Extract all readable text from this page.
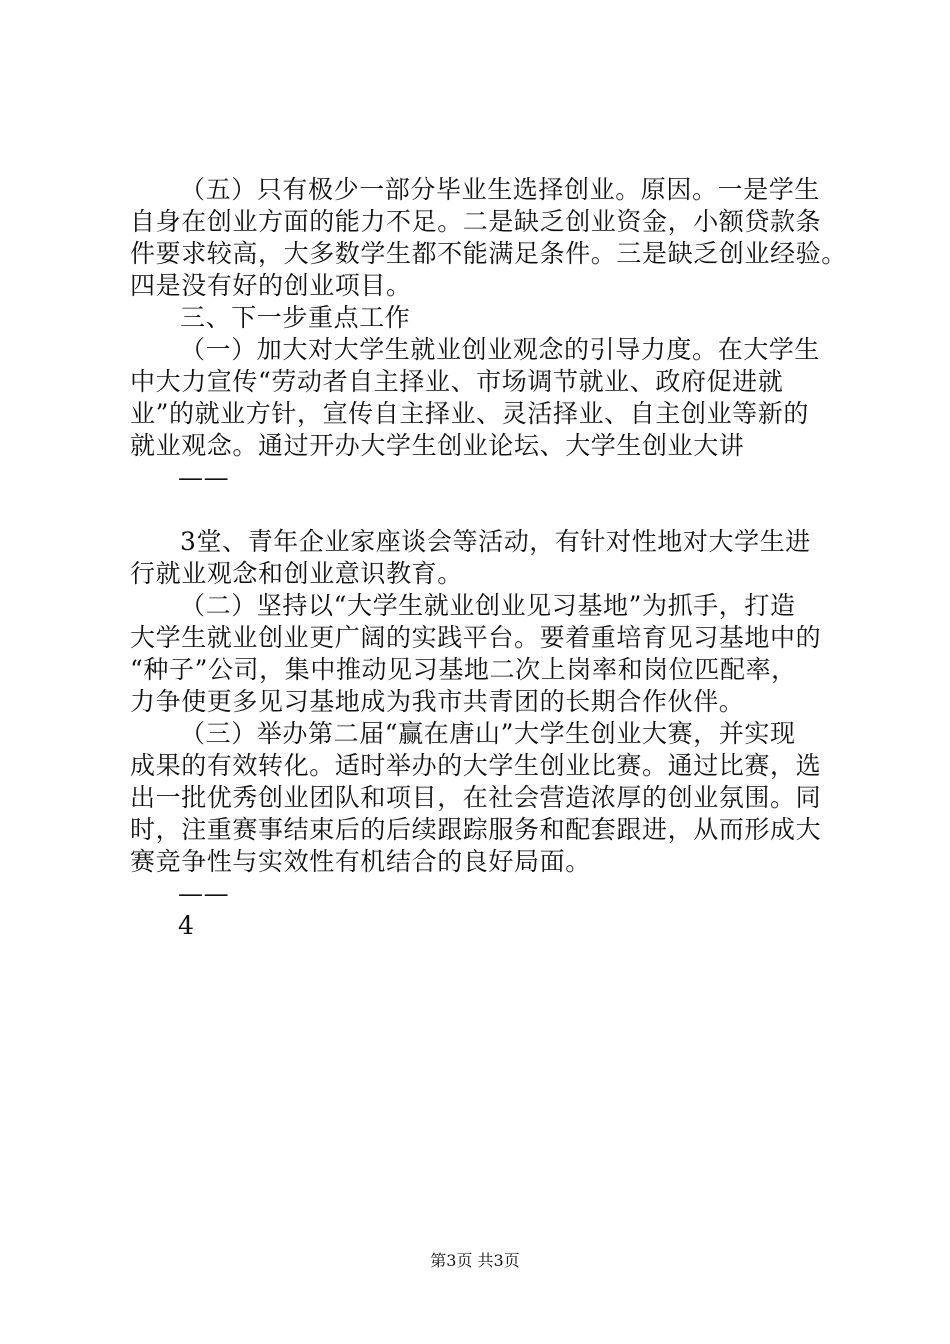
（五）只有极少一部分毕业生选择创业。原因。一是学生
自身在创业方面的能力不足。二是缺乏创业资金，小额贷款条
件要求较高，大多数学生都不能满足条件。三是缺乏创业经验。
四是没有好的创业项目。
三、下一步重点工作
（一）加大对大学生就业创业观念的引导力度。在大学生
中大力宣传“劳动者自主择业、市场调节就业、政府促进就
业”的就业方针，宣传自主择业、灵活择业、自主创业等新的
就业观念。通过开办大学生创业论坛、大学生创业大讲
——
3堂、青年企业家座谈会等活动，有针对性地对大学生进
行就业观念和创业意识教育。
（二）坚持以“大学生就业创业见习基地”为抓手，打造
大学生就业创业更广阔的实践平台。要着重培育见习基地中的
“种子”公司，集中推动见习基地二次上岗率和岗位匹配率，
力争使更多见习基地成为我市共青团的长期合作伙伴。
（三）举办第二届“赢在唐山”大学生创业大赛，并实现
成果的有效转化。适时举办的大学生创业比赛。通过比赛，选
出一批优秀创业团队和项目，在社会营造浓厚的创业氛围。同
时，注重赛事结束后的后续跟踪服务和配套跟进，从而形成大
赛竞争性与实效性有机结合的良好局面。
——
4
第3页 共3页
